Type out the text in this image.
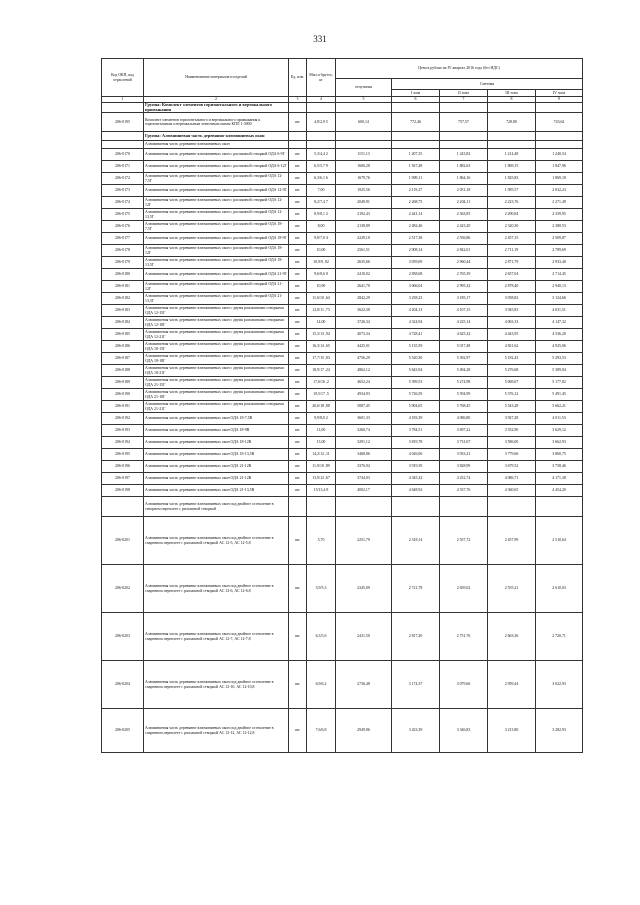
331
Код ОКП, код отраслевой	Наименование материалов и изделий	Ед. изм.	Масса брутто, кг	Цена в рублях на IV квартал 2016 года (без НДС)				
				отпускная	Сметная			
					I зона	II зона	III зона	IV зона
1	2	3	4	5	6	7	8	9
	Группа: Комплект элементов горизонтального и вертикального примыкания							
206-0195	Комплект элементов горизонтального и вертикального примыкания к горизонтальным и вертикальным ленточным окнам КПЛ 1-3000	шт.	4,8/2,9 5	600,14	772,46	757,57	728,80	743,62
	Группа: Алюминиевая часть деревянно-алюминиевых окон							
	Алюминиевая часть деревянно-алюминиевых окон							
206-0170	Алюминиевая часть деревянно-алюминиевых окон с распашной створкой ОДА 6-9Г	шт.	5,3/4,4 2	1151,13	1 207,35	1 243,82	1 214,48	1 240,54
206-0171	Алюминиевая часть деревянно-алюминиевых окон с распашной створкой ОДА 6-12Г	шт.	6,5/5,7 9	1600,28	1 927,48	1 882,63	1 869,15	1 847,96
206-0172	Алюминиевая часть деревянно-алюминиевых окон с распашной створкой ОДА 12-7,5Г	шт.	6,3/6,1 6	1679,76	1 909,11	1 864,16	1 825,83	1 869,18
206-0173	Алюминиевая часть деревянно-алюминиевых окон с распашной створкой ОДА 12-9Г	шт.	7,00	1925,56	2 119,27	2 051,18	1 985,57	2 032,23
206-0174	Алюминиевая часть деревянно-алюминиевых окон с распашной створкой ОДА 12-12Г	шт.	8,2/7,4 7	2049,91	2 268,75	2 204,11	2 223,76	2 271,49
206-0175	Алюминиевая часть деревянно-алюминиевых окон с распашной створкой ОДА 12-13,5Г	шт.	8,9/8,1 2	2192,43	2 441,14	2 363,85	2 290,84	2 339,95
206-0176	Алюминиевая часть деревянно-алюминиевых окон с распашной створкой ОДА 18-7,5Г	шт.	8,00	2138,89	2 482,46	2 423,20	2 320,30	2 380,53
206-0177	Алюминиевая часть деревянно-алюминиевых окон с распашной створкой ОДА 18-9Г	шт.	9,8/7,0 4	2229,10	2 517,38	2 556,86	2 457,15	2 509,87
206-0178	Алюминиевая часть деревянно-алюминиевых окон с распашной створкой ОДА 18-12Г	шт.	10,00	2561,51	2 908,14	2 842,01	2 711,19	2 789,69
206-0179	Алюминиевая часть деревянно-алюминиевых окон с распашной створкой ОДА 18-13,5Г	шт.	10,9/9, 82	2635,66	3 059,09	2 960,44	2 871,79	2 933,40
206-0180	Алюминиевая часть деревянно-алюминиевых окон с распашной створкой ОДА 21-9Г	шт.	9,6/8,6 8	2410,02	2 838,68	2 765,39	2 657,04	2 714,45
206-0181	Алюминиевая часть деревянно-алюминиевых окон с распашной створкой ОДА 21-12Г	шт.	10,90	2641,70	3 066,04	2 995,32	2 878,40	2 940,13
206-0182	Алюминиевая часть деревянно-алюминиевых окон с распашной створкой ОДА 21-13,5Г	шт.	11,6/10 ,64	2842,29	3 258,23	3 185,17	3 058,82	3 124,66
206-0183	Алюминиевая часть деревянно-алюминиевых окон с двумя распашными створками ОДА 12-15Г	шт.	12,8/11 ,73	3622,38	4 204,13	4 107,15	3 945,83	4 031,51
206-0184	Алюминиевая часть деревянно-алюминиевых окон с двумя распашными створками ОДА 12-18Г	шт.	14,00	3726,34	4 324,94	4 225,14	4 063,33	4 147,32
206-0185	Алюминиевая часть деревянно-алюминиевых окон с двумя распашными створками ОДА 12-21Г	шт.	15,3/13 ,94	4073,34	4 728,41	4 625,32	4 443,95	4 536,20
206-0186	Алюминиевая часть деревянно-алюминиевых окон с двумя распашными створками ОДА 18-15Г	шт.	16,3/14 ,65	4425,01	5 135,59	5 017,48	4 821,62	4 925,06
206-0187	Алюминиевая часть деревянно-алюминиевых окон с двумя распашными створками ОДА 18-18Г	шт.	17,7/15 ,83	4756,29	5 520,30	5 392,97	5 182,43	5 293,53
206-0188	Алюминиевая часть деревянно-алюминиевых окон с двумя распашными створками ОДА 18-21Г	шт.	18,9/17 ,24	4862,12	5 643,94	5 494,28	5 276,68	5 389,04
206-0189	Алюминиевая часть деревянно-алюминиевых окон с двумя распашными створками ОДА 21-15Г	шт.	17,6/16 ,2	4652,24	5 399,53	5 274,98	5 069,67	5 177,82
206-0190	Алюминиевая часть деревянно-алюминиевых окон с двумя распашными створками ОДА 21-18Г	шт.	19,5/17 ,5	4934,93	5 726,59	5 594,99	5 376,12	5 491,45
206-0191	Алюминиевая часть деревянно-алюминиевых окон с двумя распашными створками ОДА 21-21Г	шт.	20,6/18 ,88	5087,45	5 904,65	5 768,45	5 543,28	5 662,21
206-0192	Алюминиевая часть деревянно-алюминиевых окон ОДА 18-7,5В	шт.	9,9/8,0 2	3601,33	4 183,39	4 086,80	3 927,28	4 011,53
206-0193	Алюминиевая часть деревянно-алюминиевых окон ОДА 18-9В	шт.	11,00	3260,74	3 784,51	3 697,22	3 552,90	3 629,12
206-0194	Алюминиевая часть деревянно-алюминиевых окон ОДА 18-12В	шт.	13,00	3291,12	3 819,78	3 731,67	3 586,00	3 662,93
206-0195	Алюминиевая часть деревянно-алюминиевых окон ОДА 18-13,5В	шт.	14,2/12 ,11	3468,86	4 026,06	3 933,21	3 779,66	3 860,75
206-0196	Алюминиевая часть деревянно-алюминиевых окон ОДА 21-12В	шт.	11,9/10 ,89	3376,94	3 919,39	3 828,99	3 679,52	3 758,46
206-0197	Алюминиевая часть деревянно-алюминиевых окон ОДА 21-12В	шт.	13,9/12 ,67	3744,03	4 345,32	4 252,74	4 086,71	4 171,38
206-0198	Алюминиевая часть деревянно-алюминиевых окон ОДА 21-13,5В	шт.	15/13,4 8	4002,17	4 648,92	4 537,76	4 360,65	4 454,20
	Алюминиевая часть деревянно-алюминиевых окон под двойное остекление в створном переплете с распашной створкой							
206-0201	Алюминиевая часть деревянно-алюминиевых окон под двойное остекление в спаренном переплете с распашной створкой АС 12-5, АС 12-5,8	шт.	5,70	2251,79	2 318,14	2 557,72	2 457,99	2 510,64
206-0202	Алюминиевая часть деревянно-алюминиевых окон под двойное остекление в спаренном переплете с распашной створкой АС 12-6, АС 12-6,8	шт.	5,9/5,3	2345,09	2 721,78	2 659,02	2 555,21	2 610,03
206-0203	Алюминиевая часть деревянно-алюминиевых окон под двойное остекление в спаренном переплете с распашной створкой АС 12-7, АС 12-7,8	шт.	6,3/5,6	2431,50	2 817,20	2 751,76	2 663,36	2 720,71
206-0204	Алюминиевая часть деревянно-алюминиевых окон под двойное остекление в спаренном переплете с распашной створкой АС 12-10, АС 12-10,8	шт.	6,9/6,2	2736,48	3 174,37	3 079,66	2 959,44	3 022,93
206-0205	Алюминиевая часть деревянно-алюминиевых окон под двойное остекление в спаренном переплете с распашной створкой АС 12-12, АС 12-12,8	шт.	7,6/6,8	2949,86	3 423,39	3 346,83	3 213,80	3 282,93
